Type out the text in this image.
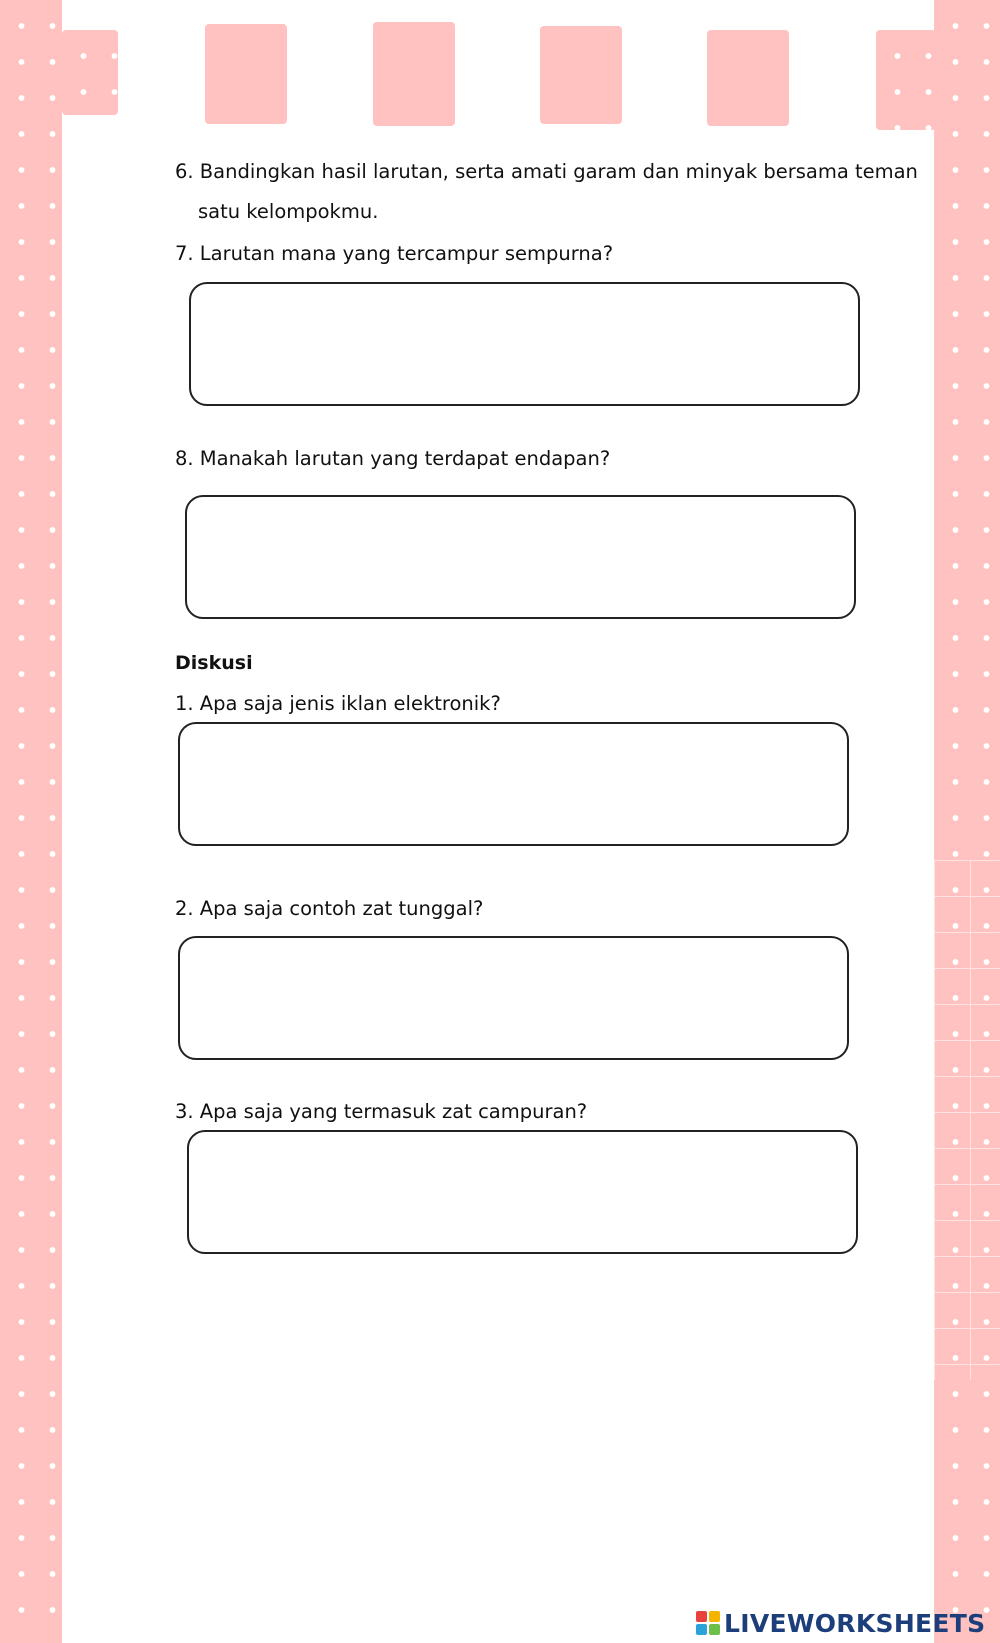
6. Bandingkan hasil larutan, serta amati garam dan minyak bersama teman
satu kelompokmu.
7. Larutan mana yang tercampur sempurna?
8. Manakah larutan yang terdapat endapan?
Diskusi
1. Apa saja jenis iklan elektronik?
2. Apa saja contoh zat tunggal?
3. Apa saja yang termasuk zat campuran?
LIVEWORKSHEETS
